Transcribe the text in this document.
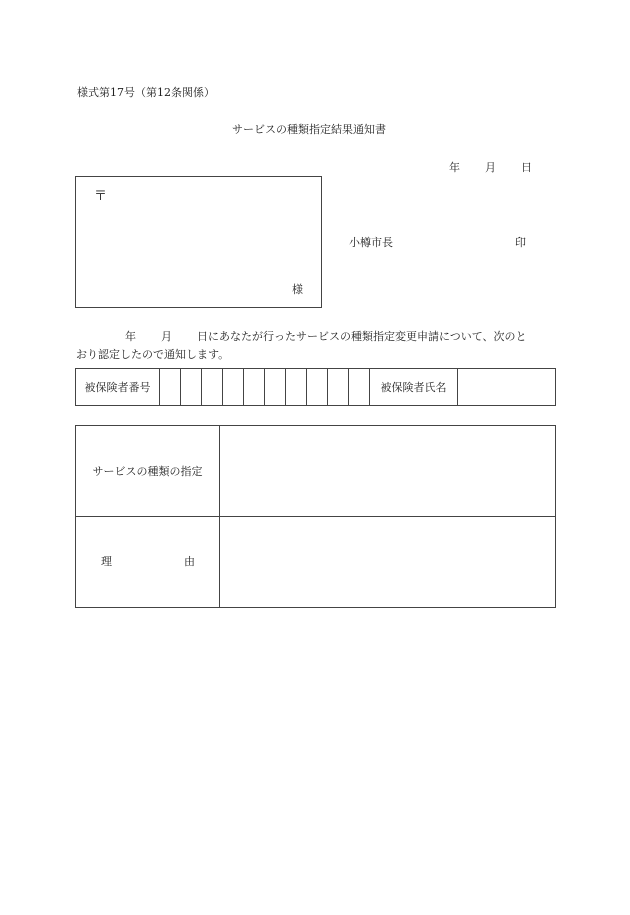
様式第17号（第12条関係）
サービスの種類指定結果通知書
年 月 日
〒
様
小樽市長	印
年 月 日にあなたが行ったサービスの種類指定変更申請について、次のと
おり認定したので通知します。
被保険者番号											被保険者氏名	
サービスの種類の指定	

理 由	
